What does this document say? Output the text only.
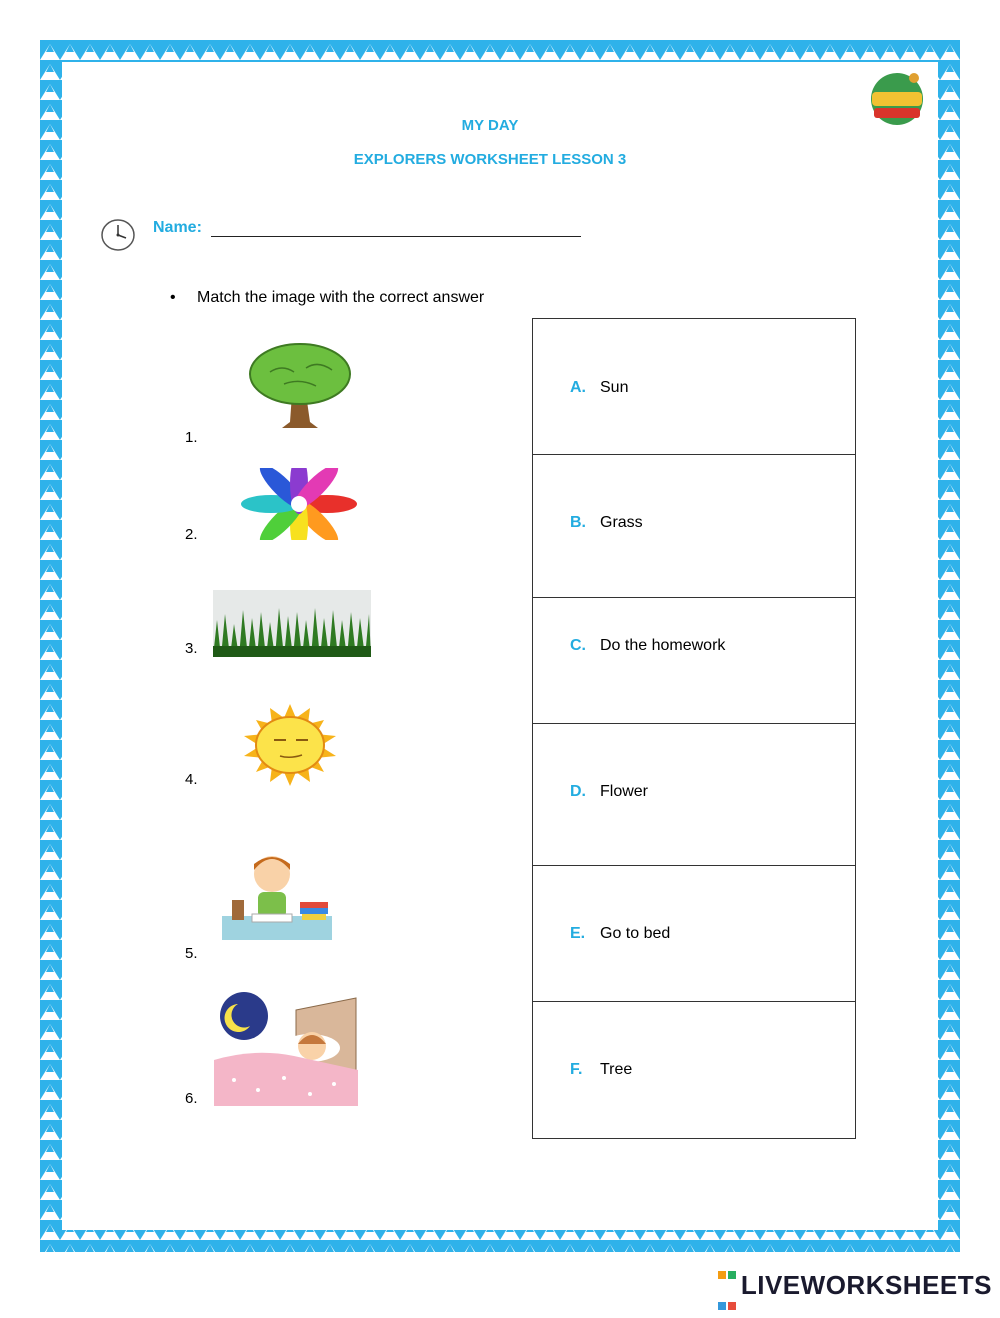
MY DAY
EXPLORERS WORKSHEET LESSON 3
Name:
• Match the image with the correct answer
1.
2.
3.
4.
5.
6.
A. Sun
B. Grass
C. Do the homework
D. Flower
E. Go to bed
F. Tree

LIVEWORKSHEETS
